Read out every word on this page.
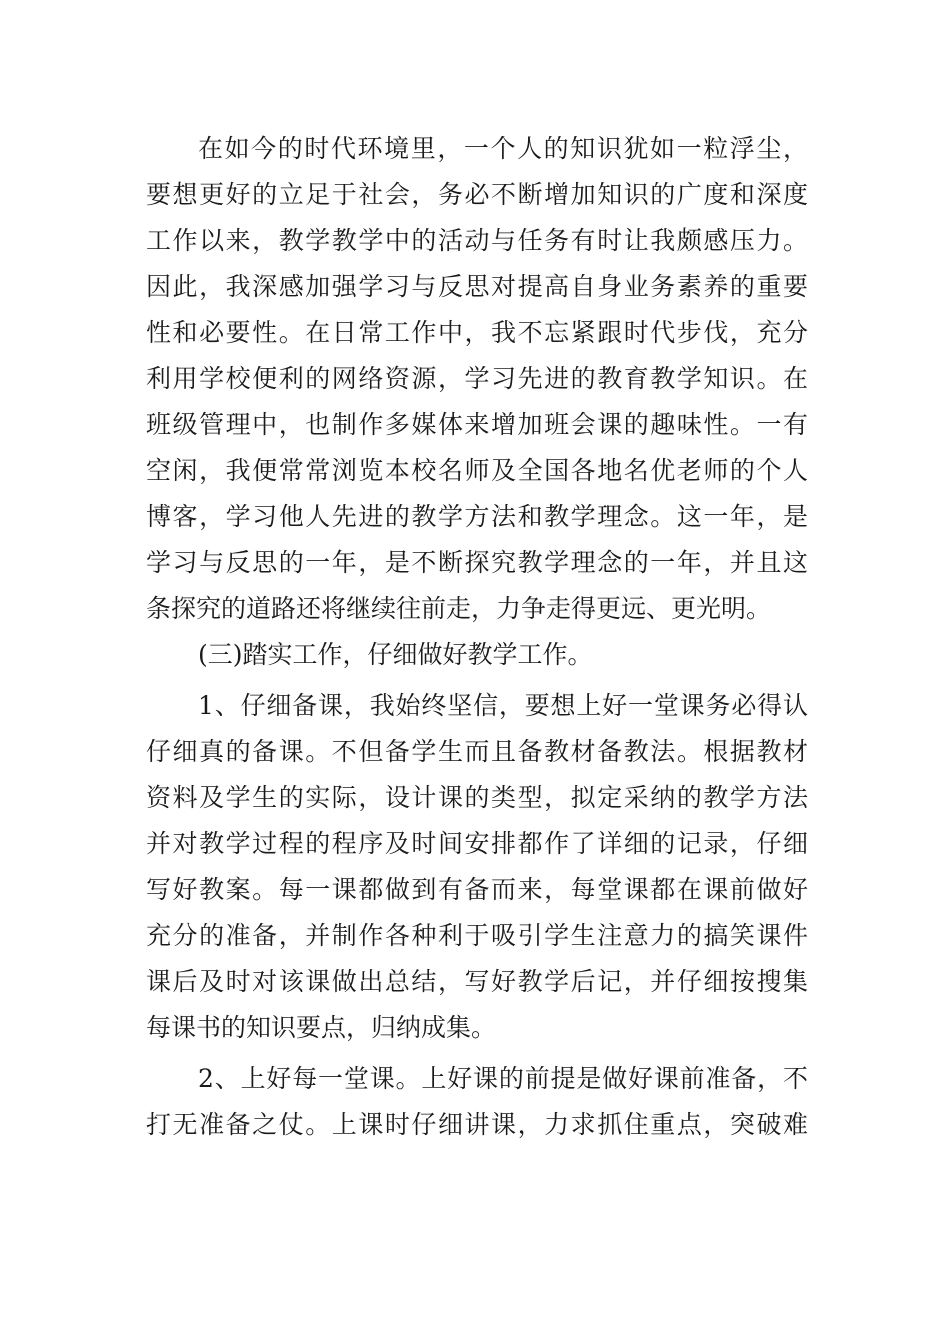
在如今的时代环境里，一个人的知识犹如一粒浮尘，
要想更好的立足于社会，务必不断增加知识的广度和深度
工作以来，教学教学中的活动与任务有时让我颇感压力。
因此，我深感加强学习与反思对提高自身业务素养的重要
性和必要性。在日常工作中，我不忘紧跟时代步伐，充分
利用学校便利的网络资源，学习先进的教育教学知识。在
班级管理中，也制作多媒体来增加班会课的趣味性。一有
空闲，我便常常浏览本校名师及全国各地名优老师的个人
博客，学习他人先进的教学方法和教学理念。这一年，是
学习与反思的一年，是不断探究教学理念的一年，并且这
条探究的道路还将继续往前走，力争走得更远、更光明。
(三)踏实工作，仔细做好教学工作。
1、仔细备课，我始终坚信，要想上好一堂课务必得认
仔细真的备课。不但备学生而且备教材备教法。根据教材
资料及学生的实际，设计课的类型，拟定采纳的教学方法
并对教学过程的程序及时间安排都作了详细的记录，仔细
写好教案。每一课都做到有备而来，每堂课都在课前做好
充分的准备，并制作各种利于吸引学生注意力的搞笑课件
课后及时对该课做出总结，写好教学后记，并仔细按搜集
每课书的知识要点，归纳成集。
2、上好每一堂课。上好课的前提是做好课前准备，不
打无准备之仗。上课时仔细讲课，力求抓住重点，突破难
